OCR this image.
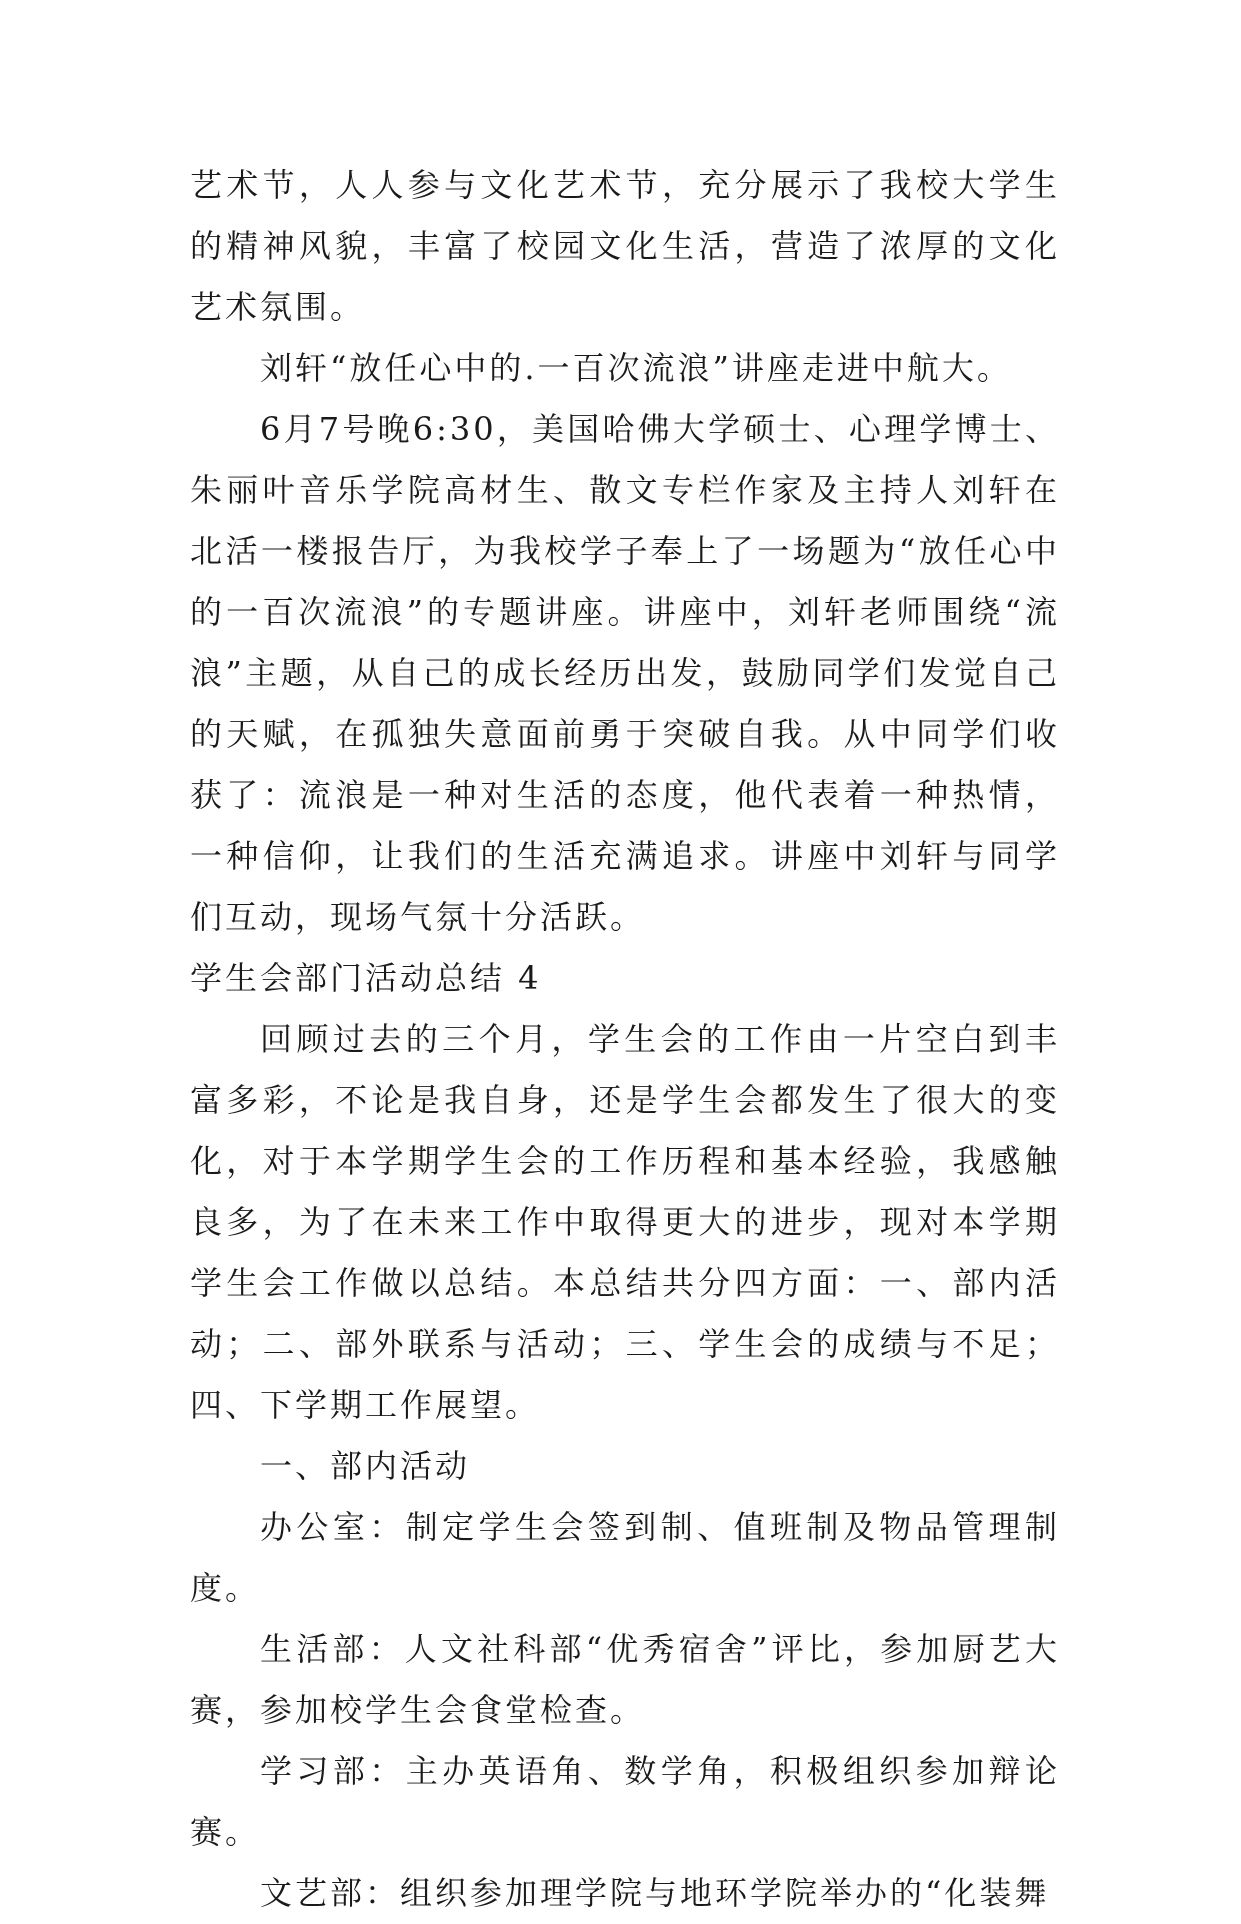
艺术节，人人参与文化艺术节，充分展示了我校大学生的精神风貌，丰富了校园文化生活，营造了浓厚的文化艺术氛围。

刘轩“放任心中的.一百次流浪”讲座走进中航大。

6月7号晚6:30，美国哈佛大学硕士、心理学博士、朱丽叶音乐学院高材生、散文专栏作家及主持人刘轩在北活一楼报告厅，为我校学子奉上了一场题为“放任心中的一百次流浪”的专题讲座。讲座中，刘轩老师围绕“流浪”主题，从自己的成长经历出发，鼓励同学们发觉自己的天赋，在孤独失意面前勇于突破自我。从中同学们收获了：流浪是一种对生活的态度，他代表着一种热情，一种信仰，让我们的生活充满追求。讲座中刘轩与同学们互动，现场气氛十分活跃。

学生会部门活动总结 4

回顾过去的三个月，学生会的工作由一片空白到丰富多彩，不论是我自身，还是学生会都发生了很大的变化，对于本学期学生会的工作历程和基本经验，我感触良多，为了在未来工作中取得更大的进步，现对本学期学生会工作做以总结。本总结共分四方面：一、部内活动；二、部外联系与活动；三、学生会的成绩与不足；四、下学期工作展望。

一、部内活动

办公室：制定学生会签到制、值班制及物品管理制度。

生活部：人文社科部“优秀宿舍”评比，参加厨艺大赛，参加校学生会食堂检查。

学习部：主办英语角、数学角，积极组织参加辩论赛。

文艺部：组织参加理学院与地环学院举办的“化装舞
